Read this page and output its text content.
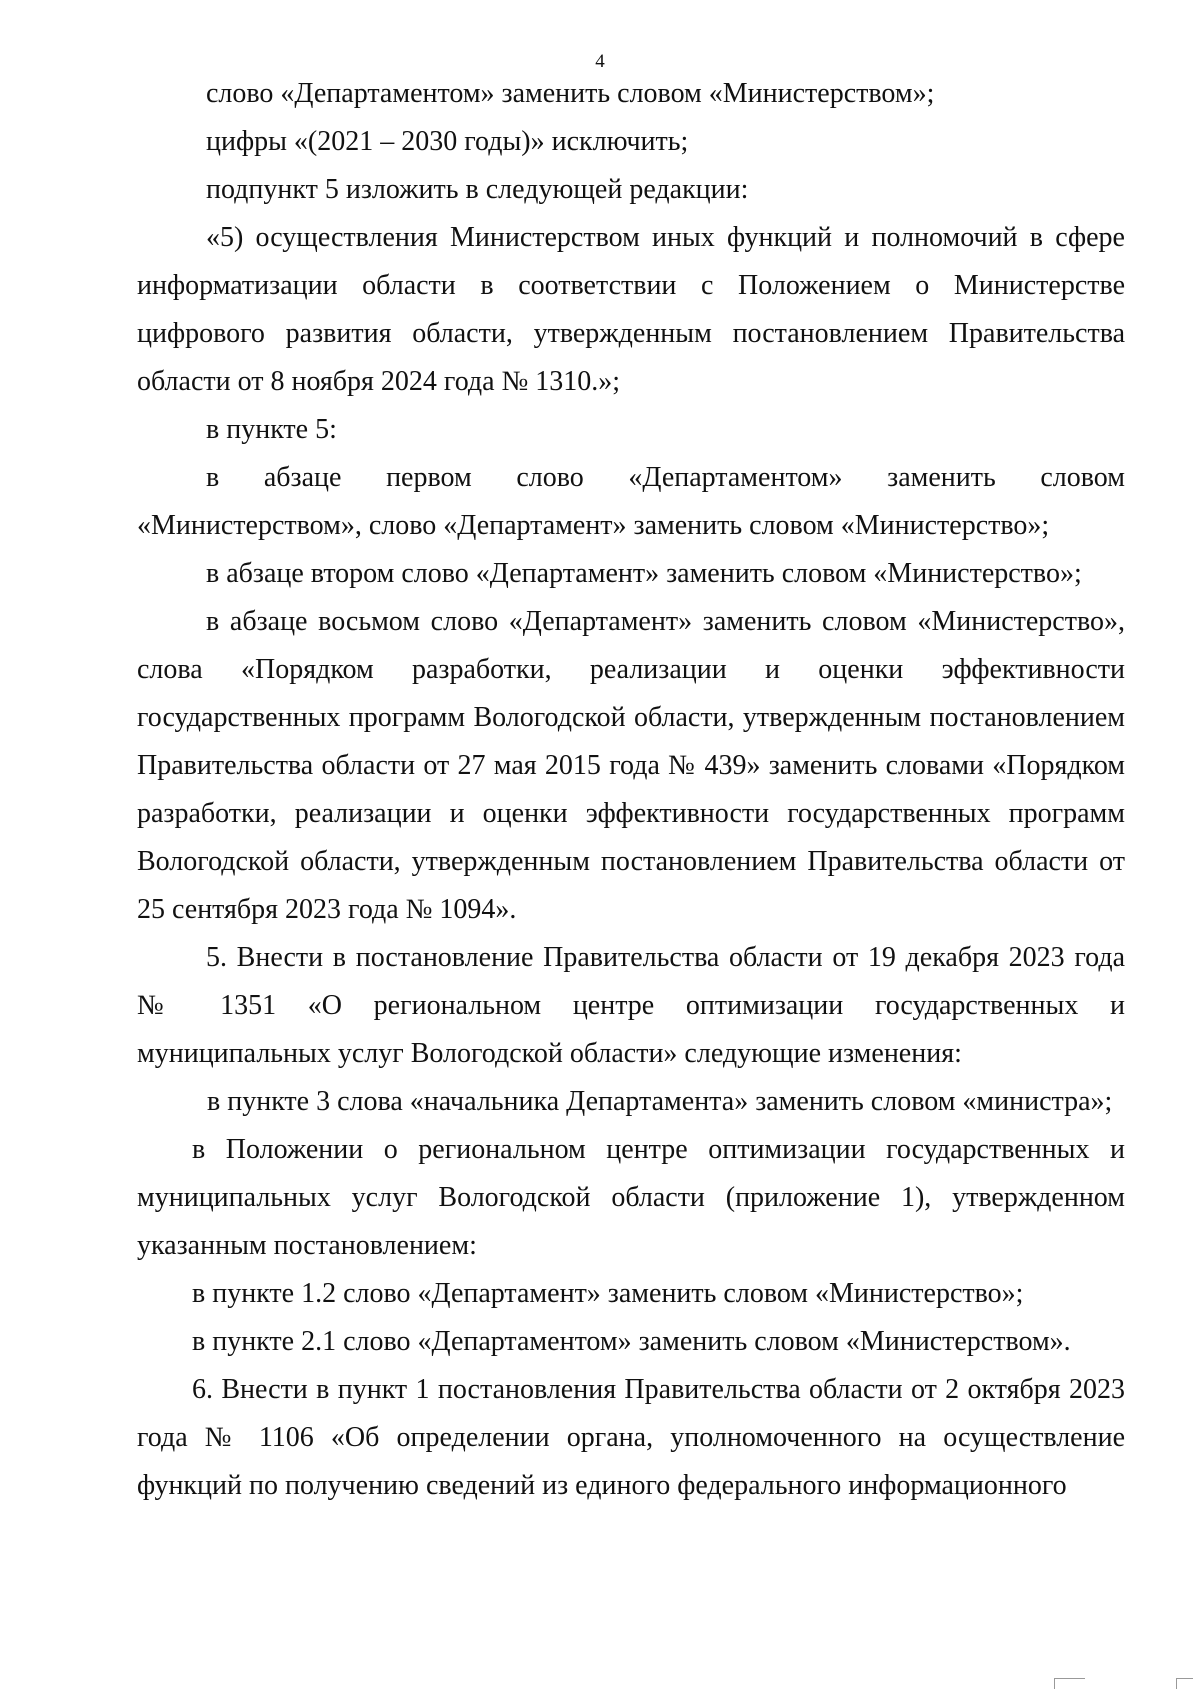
4

слово «Департаментом» заменить словом «Министерством»;

цифры «(2021 – 2030 годы)» исключить;

подпункт 5 изложить в следующей редакции:

«5) осуществления Министерством иных функций и полномочий в сфере информатизации области в соответствии с Положением о Министерстве цифрового развития области, утвержденным постановлением Правительства области от 8 ноября 2024 года № 1310.»;

в пункте 5:

в абзаце первом слово «Департаментом» заменить словом «Министерством», слово «Департамент» заменить словом «Министерство»;

в абзаце втором слово «Департамент» заменить словом «Министерство»;

в абзаце восьмом слово «Департамент» заменить словом «Министерство», слова «Порядком разработки, реализации и оценки эффективности государственных программ Вологодской области, утвержденным постановлением Правительства области от 27 мая 2015 года № 439» заменить словами «Порядком разработки, реализации и оценки эффективности государственных программ Вологодской области, утвержденным постановлением Правительства области от 25 сентября 2023 года № 1094».

5. Внести в постановление Правительства области от 19 декабря 2023 года № 1351 «О региональном центре оптимизации государственных и муниципальных услуг Вологодской области» следующие изменения:

в пункте 3 слова «начальника Департамента» заменить словом «министра»;

в Положении о региональном центре оптимизации государственных и муниципальных услуг Вологодской области (приложение 1), утвержденном указанным постановлением:

в пункте 1.2 слово «Департамент» заменить словом «Министерство»;

в пункте 2.1 слово «Департаментом» заменить словом «Министерством».

6. Внести в пункт 1 постановления Правительства области от 2 октября 2023 года № 1106 «Об определении органа, уполномоченного на осуществление функций по получению сведений из единого федерального информационного
